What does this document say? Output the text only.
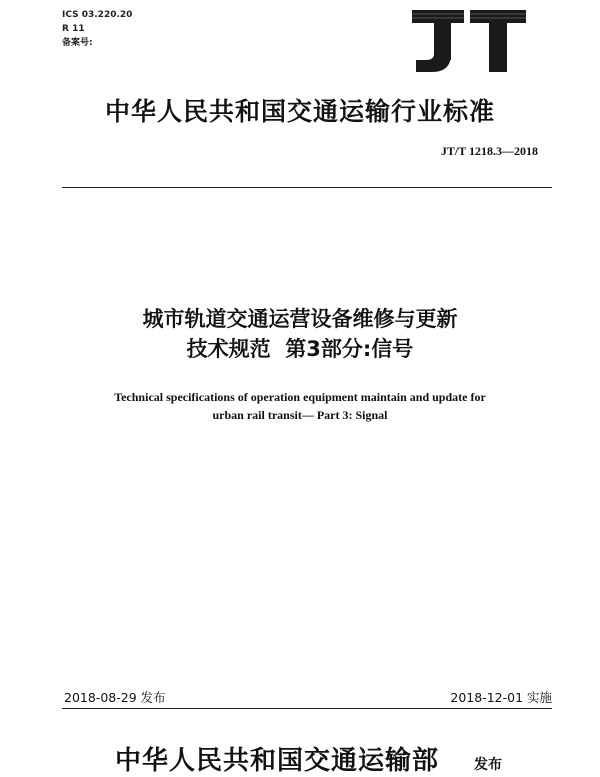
ICS 03.220.20
R 11
备案号:
中华人民共和国交通运输行业标准
JT/T 1218.3—2018
城市轨道交通运营设备维修与更新
技术规范  第3部分:信号
Technical specifications of operation equipment maintain and update for
urban rail transit— Part 3: Signal
2018-08-29 发布	2018-12-01 实施
中华人民共和国交通运输部 发布
